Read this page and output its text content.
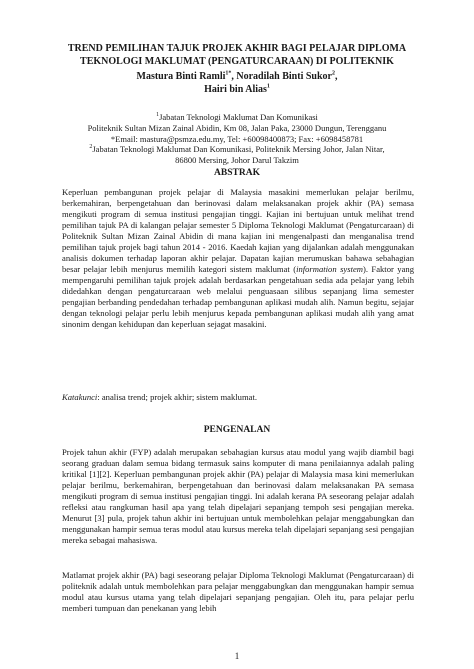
TREND PEMILIHAN TAJUK PROJEK AKHIR BAGI PELAJAR DIPLOMA
TEKNOLOGI MAKLUMAT (PENGATURCARAAN) DI POLITEKNIK
Mastura Binti Ramli$^{1*}$, Noradilah Binti Sukor$^2$,
Hairi bin Alias$^1$

$^1$Jabatan Teknologi Maklumat Dan Komunikasi

Politeknik Sultan Mizan Zainal Abidin, Km 08, Jalan Paka, 23000 Dungun, Terengganu

*Email: mastura@psmza.edu.my, Tel: +60098400873; Fax: +6098458781

$^2$Jabatan Teknologi Maklumat Dan Komunikasi, Politeknik Mersing Johor, Jalan Nitar,

86800 Mersing, Johor Darul Takzim

ABSTRAK

Keperluan pembangunan projek pelajar di Malaysia masakini memerlukan pelajar berilmu, berkemahiran, berpengetahuan dan berinovasi dalam melaksanakan projek akhir (PA) semasa mengikuti program di semua institusi pengajian tinggi. Kajian ini bertujuan untuk melihat trend pemilihan tajuk PA di kalangan pelajar semester 5 Diploma Teknologi Maklumat (Pengaturcaraan) di Politeknik Sultan Mizan Zainal Abidin di mana kajian ini mengenalpasti dan menganalisa trend pemilihan tajuk projek bagi tahun 2014 - 2016. Kaedah kajian yang dijalankan adalah menggunakan analisis dokumen terhadap laporan akhir pelajar. Dapatan kajian merumuskan bahawa sebahagian besar pelajar lebih menjurus memilih kategori sistem maklumat (information system). Faktor yang mempengaruhi pemilihan tajuk projek adalah berdasarkan pengetahuan sedia ada pelajar yang lebih didedahkan dengan pengaturcaraan web melalui penguasaan silibus sepanjang lima semester pengajian berbanding pendedahan terhadap pembangunan aplikasi mudah alih. Namun begitu, sejajar dengan teknologi pelajar perlu lebih menjurus kepada pembangunan aplikasi mudah alih yang amat sinonim dengan kehidupan dan keperluan sejagat masakini.

Katakunci: analisa trend; projek akhir; sistem maklumat.
PENGENALAN

Projek tahun akhir (FYP) adalah merupakan sebahagian kursus atau modul yang wajib diambil bagi seorang graduan dalam semua bidang termasuk sains komputer di mana penilaiannya adalah paling kritikal [1][2]. Keperluan pembangunan projek akhir (PA) pelajar di Malaysia masa kini memerlukan pelajar berilmu, berkemahiran, berpengetahuan dan berinovasi dalam melaksanakan PA semasa mengikuti program di semua institusi pengajian tinggi. Ini adalah kerana PA seseorang pelajar adalah refleksi atau rangkuman hasil apa yang telah dipelajari sepanjang tempoh sesi pengajian mereka. Menurut [3] pula, projek tahun akhir ini bertujuan untuk membolehkan pelajar menggabungkan dan menggunakan hampir semua teras modul atau kursus mereka telah dipelajari sepanjang sesi pengajian mereka sebagai mahasiswa.

Matlamat projek akhir (PA) bagi seseorang pelajar Diploma Teknologi Maklumat (Pengaturcaraan) di politeknik adalah untuk membolehkan para pelajar menggabungkan dan menggunakan hampir semua modul atau kursus utama yang telah dipelajari sepanjang pengajian. Oleh itu, para pelajar perlu memberi tumpuan dan penekanan yang lebih

1
